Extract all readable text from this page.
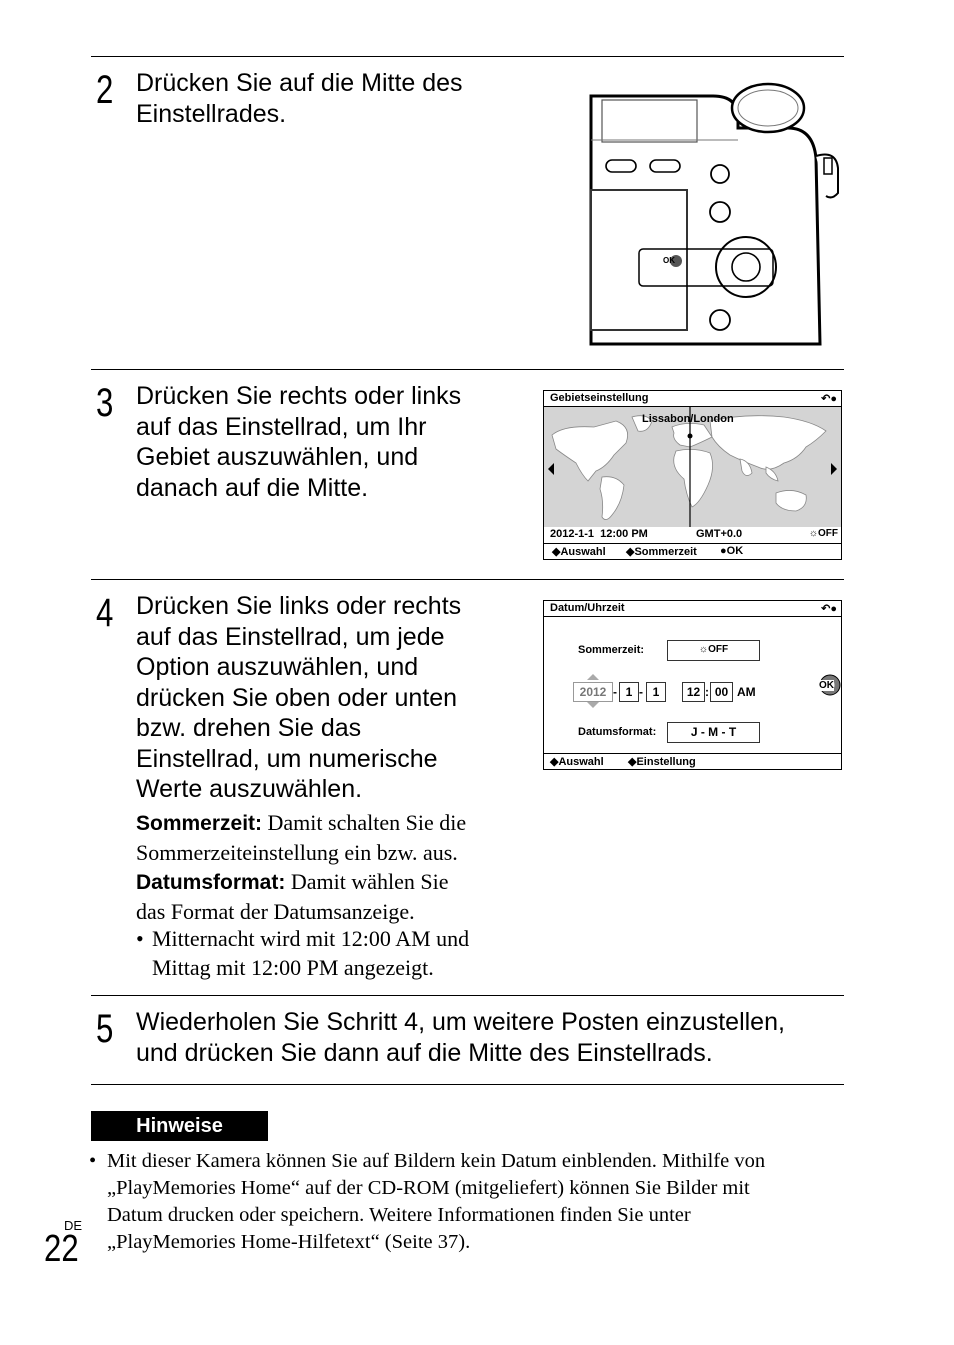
2 Drücken Sie auf die Mitte des
Einstellrades.
OK
3 Drücken Sie rechts oder links
auf das Einstellrad, um Ihr
Gebiet auszuwählen, und
danach auf die Mitte.
Gebietseinstellung	↶●
Lissabon/London
2012-1-1  12:00 PM	GMT+0.0	☼OFF
◆Auswahl ◆Sommerzeit ●OK
4 Drücken Sie links oder rechts
auf das Einstellrad, um jede
Option auszuwählen, und
drücken Sie oben oder unten
bzw. drehen Sie das
Einstellrad, um numerische
Werte auszuwählen.
Sommerzeit: Damit schalten Sie die
Sommerzeiteinstellung ein bzw. aus.
Datumsformat: Damit wählen Sie
das Format der Datumsanzeige.
• Mitternacht wird mit 12:00 AM und
Mittag mit 12:00 PM angezeigt.
Datum/Uhrzeit	↶●
Sommerzeit:	☼OFF
2012 - 1 - 1	12 : 00 AM	OK
Datumsformat:	J - M - T
◆Auswahl ◆Einstellung
5 Wiederholen Sie Schritt 4, um weitere Posten einzustellen,
und drücken Sie dann auf die Mitte des Einstellrads.
Hinweise
• Mit dieser Kamera können Sie auf Bildern kein Datum einblenden. Mithilfe von
„PlayMemories Home“ auf der CD-ROM (mitgeliefert) können Sie Bilder mit
Datum drucken oder speichern. Weitere Informationen finden Sie unter
„PlayMemories Home-Hilfetext“ (Seite 37).
DE
22
